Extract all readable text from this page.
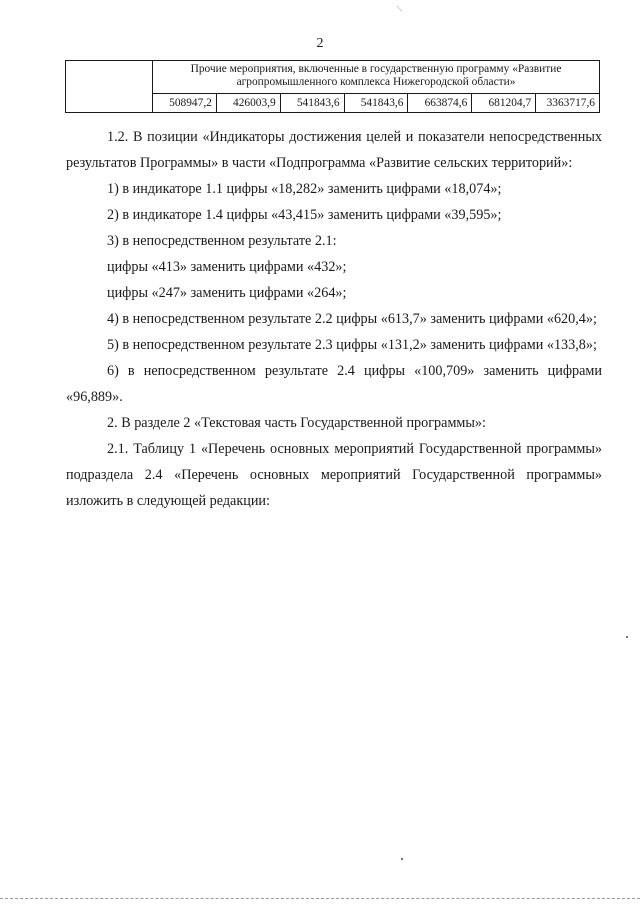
2
	Прочие мероприятия, включенные в государственную программу «Развитие агропромышленного комплекса Нижегородской области»

508947,2	426003,9	541843,6	541843,6	663874,6	681204,7	3363717,6

1.2. В позиции «Индикаторы достижения целей и показатели непосредственных результатов Программы» в части «Подпрограмма «Развитие сельских территорий»:

1) в индикаторе 1.1 цифры «18,282» заменить цифрами «18,074»;

2) в индикаторе 1.4 цифры «43,415» заменить цифрами «39,595»;

3) в непосредственном результате 2.1:

цифры «413» заменить цифрами «432»;

цифры «247» заменить цифрами «264»;

4) в непосредственном результате 2.2 цифры «613,7» заменить цифрами «620,4»;

5) в непосредственном результате 2.3 цифры «131,2» заменить цифрами «133,8»;

6) в непосредственном результате 2.4 цифры «100,709» заменить цифрами «96,889».

2. В разделе 2 «Текстовая часть Государственной программы»:

2.1. Таблицу 1 «Перечень основных мероприятий Государственной программы» подраздела 2.4 «Перечень основных мероприятий Государственной программы» изложить в следующей редакции:
